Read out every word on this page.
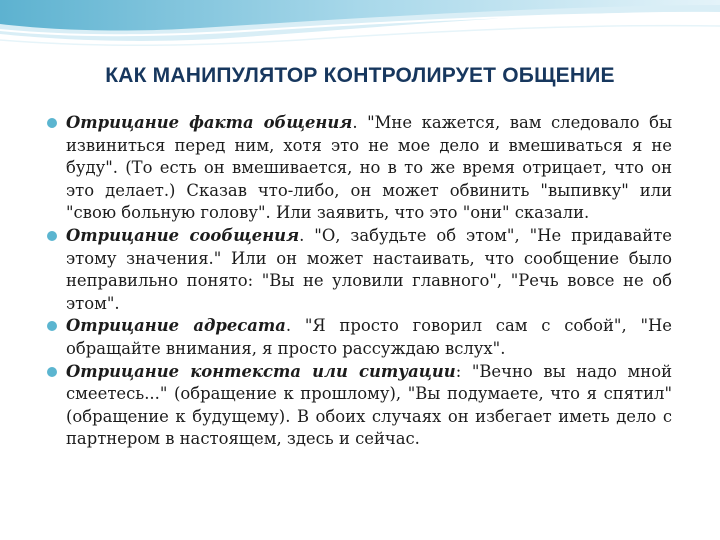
КАК МАНИПУЛЯТОР КОНТРОЛИРУЕТ ОБЩЕНИЕ
Отрицание факта общения. "Мне кажется, вам следовало бы извиниться перед ним, хотя это не мое дело и вмешиваться я не буду". (То есть он вмешивается, но в то же время отрицает, что он это делает.) Сказав что-либо, он может обвинить "выпивку" или "свою больную голову". Или заявить, что это "они" сказали.
Отрицание сообщения. "О, забудьте об этом", "Не придавайте этому значения." Или он может настаивать, что сообщение было неправильно понято: "Вы не уловили главного", "Речь вовсе не об этом".
Отрицание адресата. "Я просто говорил сам с собой", "Не обращайте внимания, я просто рассуждаю вслух".
Отрицание контекста или ситуации: "Вечно вы надо мной смеетесь..." (обращение к прошлому), "Вы подумаете, что я спятил" (обращение к будущему). В обоих случаях он избегает иметь дело с партнером в настоящем, здесь и сейчас.
